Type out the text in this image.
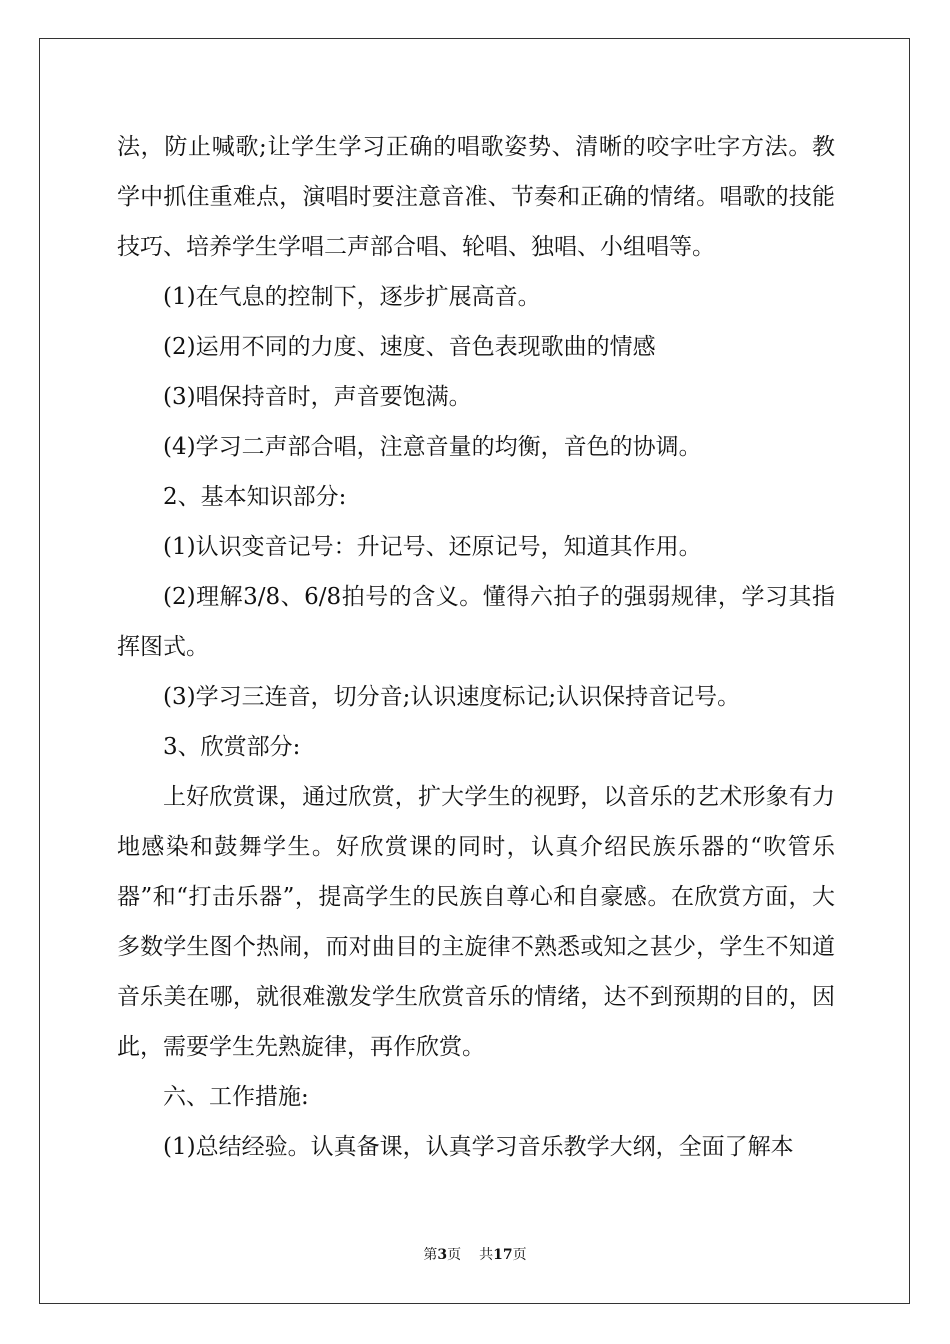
法，防止喊歌;让学生学习正确的唱歌姿势、清晰的咬字吐字方法。教学中抓住重难点，演唱时要注意音准、节奏和正确的情绪。唱歌的技能技巧、培养学生学唱二声部合唱、轮唱、独唱、小组唱等。

(1)在气息的控制下，逐步扩展高音。

(2)运用不同的力度、速度、音色表现歌曲的情感

(3)唱保持音时，声音要饱满。

(4)学习二声部合唱，注意音量的均衡，音色的协调。

2、基本知识部分:

(1)认识变音记号：升记号、还原记号，知道其作用。

(2)理解3/8、6/8拍号的含义。懂得六拍子的强弱规律，学习其指挥图式。

(3)学习三连音，切分音;认识速度标记;认识保持音记号。

3、欣赏部分:

上好欣赏课，通过欣赏，扩大学生的视野，以音乐的艺术形象有力地感染和鼓舞学生。好欣赏课的同时，认真介绍民族乐器的“吹管乐器”和“打击乐器”，提高学生的民族自尊心和自豪感。在欣赏方面，大多数学生图个热闹，而对曲目的主旋律不熟悉或知之甚少，学生不知道音乐美在哪，就很难激发学生欣赏音乐的情绪，达不到预期的目的，因此，需要学生先熟旋律，再作欣赏。

六、工作措施:

(1)总结经验。认真备课，认真学习音乐教学大纲，全面了解本

第3页 共17页
